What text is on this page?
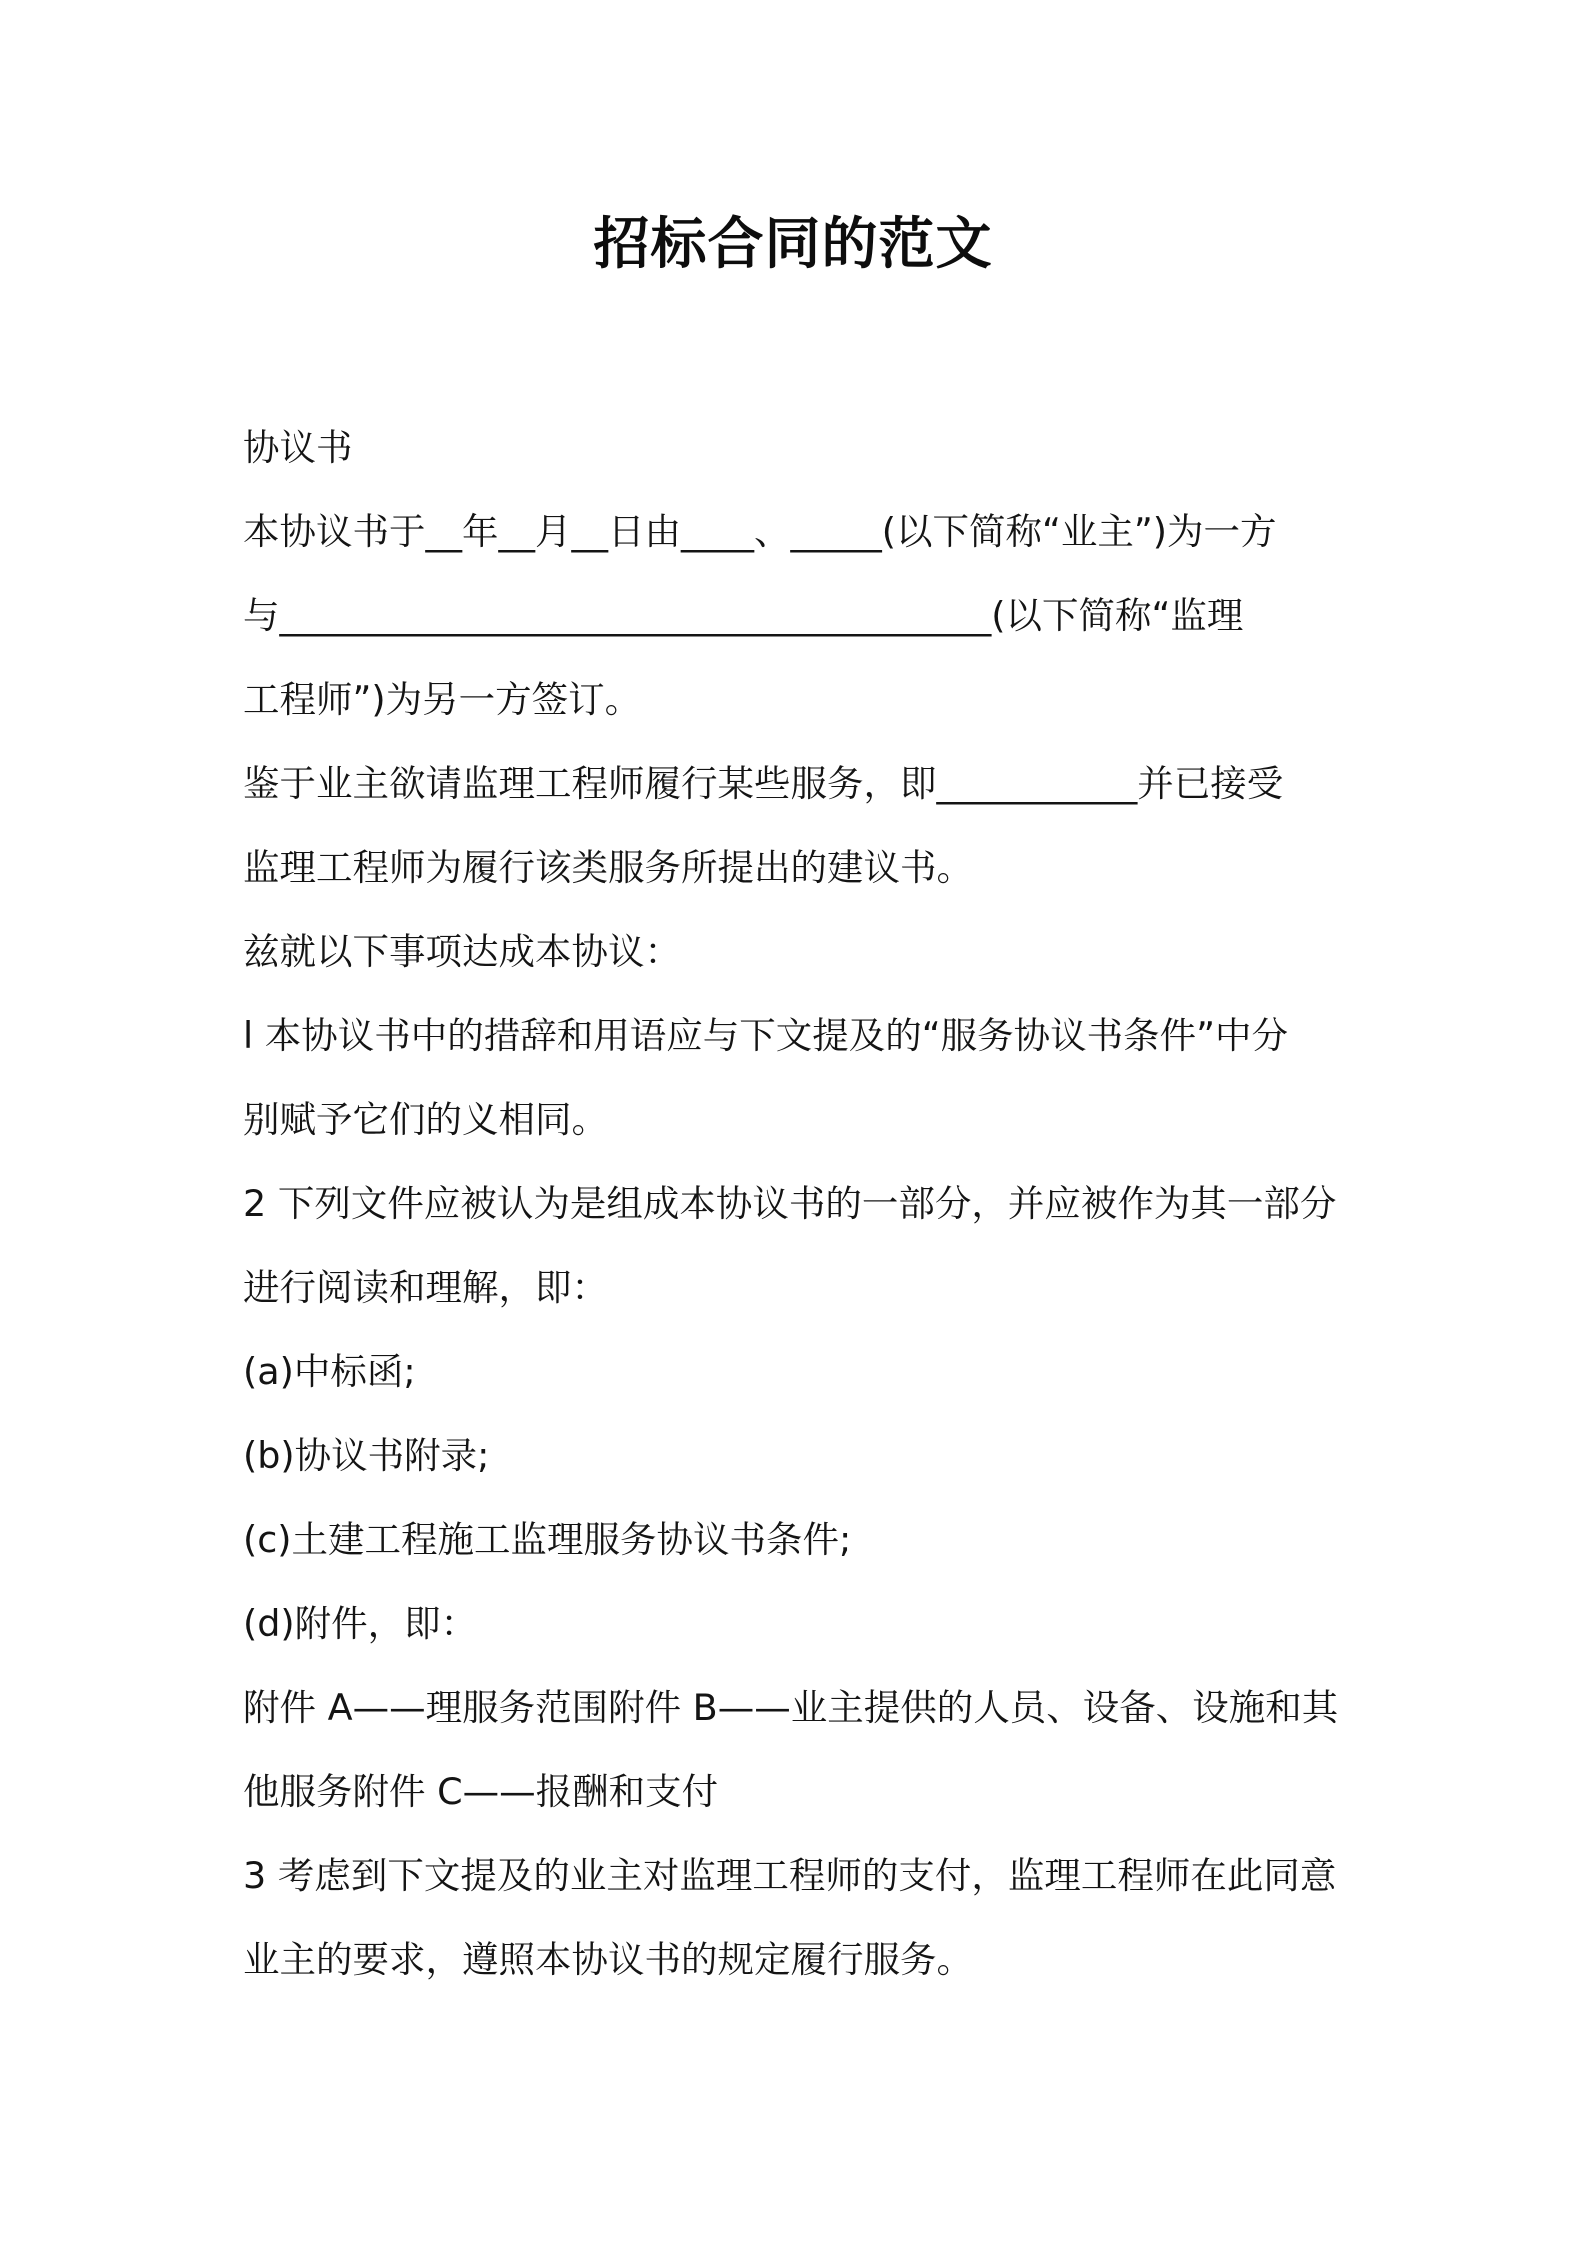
招标合同的范文
协议书
本协议书于__年__月__日由____、_____(以下简称“业主”)为一方
与_______________________________________(以下简称“监理
工程师”)为另一方签订。
鉴于业主欲请监理工程师履行某些服务，即___________并已接受
监理工程师为履行该类服务所提出的建议书。
兹就以下事项达成本协议：
l 本协议书中的措辞和用语应与下文提及的“服务协议书条件”中分
别赋予它们的义相同。
2 下列文件应被认为是组成本协议书的一部分，并应被作为其一部分
进行阅读和理解，即：
(a)中标函;
(b)协议书附录;
(c)土建工程施工监理服务协议书条件;
(d)附件，即：
附件 A——理服务范围附件 B——业主提供的人员、设备、设施和其
他服务附件 C——报酬和支付
3 考虑到下文提及的业主对监理工程师的支付，监理工程师在此同意
业主的要求，遵照本协议书的规定履行服务。
